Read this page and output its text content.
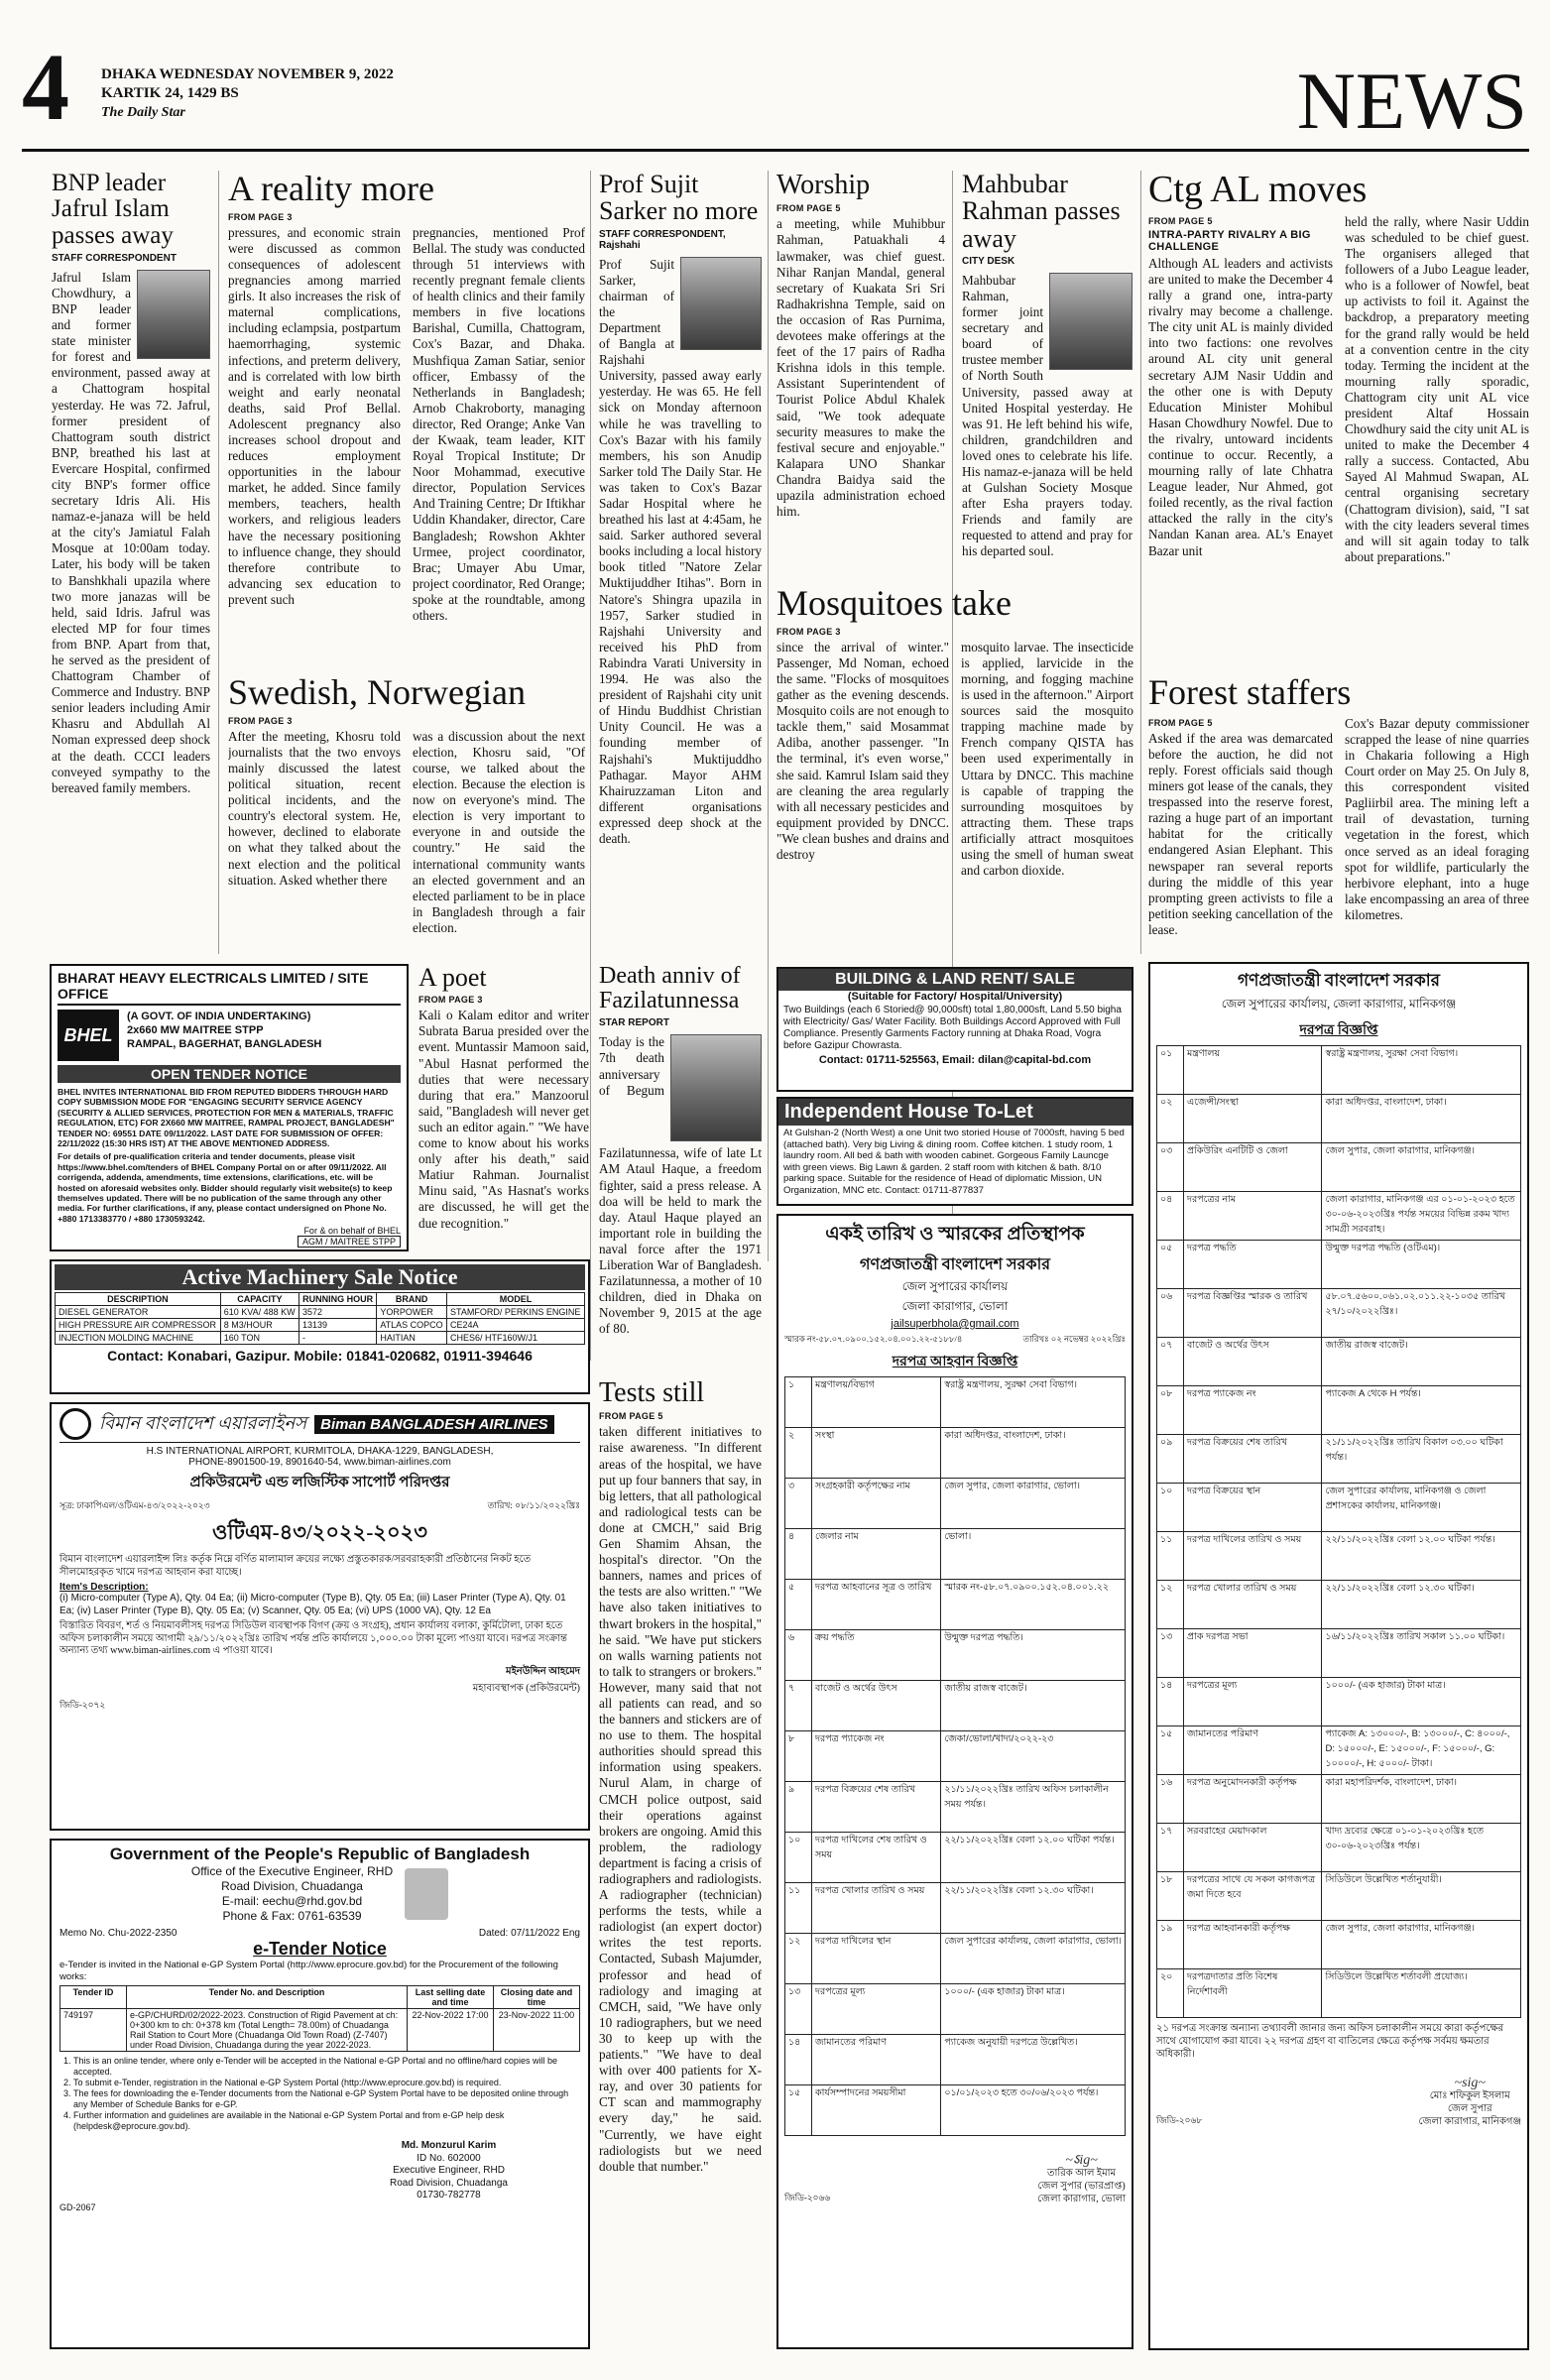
4	DHAKA WEDNESDAY NOVEMBER 9, 2022
KARTIK 24, 1429 BS
The Daily Star	NEWS
BNP leader Jafrul Islam passes away
STAFF CORRESPONDENT
Jafrul Islam Chowdhury, a BNP leader and former state minister for forest and environment, passed away at a Chattogram hospital yesterday. He was 72. Jafrul, former president of Chattogram south district BNP, breathed his last at Evercare Hospital, confirmed city BNP's former office secretary Idris Ali. His namaz-e-janaza will be held at the city's Jamiatul Falah Mosque at 10:00am today. Later, his body will be taken to Banshkhali upazila where two more janazas will be held, said Idris. Jafrul was elected MP for four times from BNP. Apart from that, he served as the president of Chattogram Chamber of Commerce and Industry. BNP senior leaders including Amir Khasru and Abdullah Al Noman expressed deep shock at the death. CCCI leaders conveyed sympathy to the bereaved family members.
A reality more
FROM PAGE 3
pressures, and economic strain were discussed as common consequences of adolescent pregnancies among married girls. It also increases the risk of maternal complications, including eclampsia, postpartum haemorrhaging, systemic infections, and preterm delivery, and is correlated with low birth weight and early neonatal deaths, said Prof Bellal. Adolescent pregnancy also increases school dropout and reduces employment opportunities in the labour market, he added. Since family members, teachers, health workers, and religious leaders have the necessary positioning to influence change, they should therefore contribute to advancing sex education to prevent such
pregnancies, mentioned Prof Bellal. The study was conducted through 51 interviews with recently pregnant female clients of health clinics and their family members in five locations Barishal, Cumilla, Chattogram, Cox's Bazar, and Dhaka. Mushfiqua Zaman Satiar, senior officer, Embassy of the Netherlands in Bangladesh; Arnob Chakroborty, managing director, Red Orange; Anke Van der Kwaak, team leader, KIT Royal Tropical Institute; Dr Noor Mohammad, executive director, Population Services And Training Centre; Dr Iftikhar Uddin Khandaker, director, Care Bangladesh; Rowshon Akhter Urmee, project coordinator, Brac; Umayer Abu Umar, project coordinator, Red Orange; spoke at the roundtable, among others.
Swedish, Norwegian
FROM PAGE 3
After the meeting, Khosru told journalists that the two envoys mainly discussed the latest political situation, recent political incidents, and the country's electoral system. He, however, declined to elaborate on what they talked about the next election and the political situation. Asked whether there
was a discussion about the next election, Khosru said, "Of course, we talked about the election. Because the election is now on everyone's mind. The election is very important to everyone in and outside the country." He said the international community wants an elected government and an elected parliament to be in place in Bangladesh through a fair election.
Prof Sujit Sarker no more
STAFF CORRESPONDENT, Rajshahi
Prof Sujit Sarker, chairman of the Department of Bangla at Rajshahi University, passed away early yesterday. He was 65. He fell sick on Monday afternoon while he was travelling to Cox's Bazar with his family members, his son Anudip Sarker told The Daily Star. He was taken to Cox's Bazar Sadar Hospital where he breathed his last at 4:45am, he said. Sarker authored several books including a local history book titled "Natore Zelar Muktijuddher Itihas". Born in Natore's Shingra upazila in 1957, Sarker studied in Rajshahi University and received his PhD from Rabindra Varati University in 1994. He was also the president of Rajshahi city unit of Hindu Buddhist Christian Unity Council. He was a founding member of Rajshahi's Muktijuddho Pathagar. Mayor AHM Khairuzzaman Liton and different organisations expressed deep shock at the death.
Worship
FROM PAGE 5
a meeting, while Muhibbur Rahman, Patuakhali 4 lawmaker, was chief guest. Nihar Ranjan Mandal, general secretary of Kuakata Sri Sri Radhakrishna Temple, said on the occasion of Ras Purnima, devotees make offerings at the feet of the 17 pairs of Radha Krishna idols in this temple. Assistant Superintendent of Tourist Police Abdul Khalek said, "We took adequate security measures to make the festival secure and enjoyable." Kalapara UNO Shankar Chandra Baidya said the upazila administration echoed him.
Mahbubar Rahman passes away
CITY DESK
Mahbubar Rahman, former joint secretary and board of trustee member of North South University, passed away at United Hospital yesterday. He was 91. He left behind his wife, children, grandchildren and loved ones to celebrate his life. His namaz-e-janaza will be held at Gulshan Society Mosque after Esha prayers today. Friends and family are requested to attend and pray for his departed soul.
Ctg AL moves
FROM PAGE 5
INTRA-PARTY RIVALRY A BIG CHALLENGE
Although AL leaders and activists are united to make the December 4 rally a grand one, intra-party rivalry may become a challenge. The city unit AL is mainly divided into two factions: one revolves around AL city unit general secretary AJM Nasir Uddin and the other one is with Deputy Education Minister Mohibul Hasan Chowdhury Nowfel. Due to the rivalry, untoward incidents continue to occur. Recently, a mourning rally of late Chhatra League leader, Nur Ahmed, got foiled recently, as the rival faction attacked the rally in the city's Nandan Kanan area. AL's Enayet Bazar unit
held the rally, where Nasir Uddin was scheduled to be chief guest. The organisers alleged that followers of a Jubo League leader, who is a follower of Nowfel, beat up activists to foil it. Against the backdrop, a preparatory meeting for the grand rally would be held at a convention centre in the city today. Terming the incident at the mourning rally sporadic, Chattogram city unit AL vice president Altaf Hossain Chowdhury said the city unit AL is united to make the December 4 rally a success. Contacted, Abu Sayed Al Mahmud Swapan, AL central organising secretary (Chattogram division), said, "I sat with the city leaders several times and will sit again today to talk about preparations."
Mosquitoes take
FROM PAGE 3
since the arrival of winter." Passenger, Md Noman, echoed the same. "Flocks of mosquitoes gather as the evening descends. Mosquito coils are not enough to tackle them," said Mosammat Adiba, another passenger. "In the terminal, it's even worse," she said. Kamrul Islam said they are cleaning the area regularly with all necessary pesticides and equipment provided by DNCC. "We clean bushes and drains and destroy
mosquito larvae. The insecticide is applied, larvicide in the morning, and fogging machine is used in the afternoon." Airport sources said the mosquito trapping machine made by French company QISTA has been used experimentally in Uttara by DNCC. This machine is capable of trapping the surrounding mosquitoes by attracting them. These traps artificially attract mosquitoes using the smell of human sweat and carbon dioxide.
Forest staffers
FROM PAGE 5
Asked if the area was demarcated before the auction, he did not reply. Forest officials said though miners got lease of the canals, they trespassed into the reserve forest, razing a huge part of an important habitat for the critically endangered Asian Elephant. This newspaper ran several reports during the middle of this year prompting green activists to file a petition seeking cancellation of the lease.
Cox's Bazar deputy commissioner scrapped the lease of nine quarries in Chakaria following a High Court order on May 25. On July 8, this correspondent visited Pagliirbil area. The mining left a trail of devastation, turning vegetation in the forest, which once served as an ideal foraging spot for wildlife, particularly the herbivore elephant, into a huge lake encompassing an area of three kilometres.
BHARAT HEAVY ELECTRICALS LIMITED / SITE OFFICE
BHEL
(A GOVT. OF INDIA UNDERTAKING)
2x660 MW MAITREE STPP
RAMPAL, BAGERHAT, BANGLADESH
OPEN TENDER NOTICE
BHEL INVITES INTERNATIONAL BID FROM REPUTED BIDDERS THROUGH HARD COPY SUBMISSION MODE FOR "ENGAGING SECURITY SERVICE AGENCY (SECURITY & ALLIED SERVICES, PROTECTION FOR MEN & MATERIALS, TRAFFIC REGULATION, ETC) FOR 2X660 MW MAITREE, RAMPAL PROJECT, BANGLADESH" TENDER NO: 69551 DATE 09/11/2022. LAST DATE FOR SUBMISSION OF OFFER: 22/11/2022 (15:30 HRS IST) AT THE ABOVE MENTIONED ADDRESS.
For details of pre-qualification criteria and tender documents, please visit https://www.bhel.com/tenders of BHEL Company Portal on or after 09/11/2022. All corrigenda, addenda, amendments, time extensions, clarifications, etc. will be hosted on aforesaid websites only. Bidder should regularly visit website(s) to keep themselves updated. There will be no publication of the same through any other media. For further clarifications, if any, please contact undersigned on Phone No. +880 1713383770 / +880 1730593242.
For & on behalf of BHEL
AGM / MAITREE STPP
Active Machinery Sale Notice
DESCRIPTION	CAPACITY	RUNNING HOUR	BRAND	MODEL
DIESEL GENERATOR	610 KVA/ 488 KW	3572	YORPOWER	STAMFORD/ PERKINS ENGINE
HIGH PRESSURE AIR COMPRESSOR	8 M3/HOUR	13139	ATLAS COPCO	CE24A
INJECTION MOLDING MACHINE	160 TON	-	HAITIAN	CHES6/ HTF160W/J1
Contact: Konabari, Gazipur. Mobile: 01841-020682, 01911-394646
A poet
FROM PAGE 3
Kali o Kalam editor and writer Subrata Barua presided over the event. Muntassir Mamoon said, "Abul Hasnat performed the duties that were necessary during that era." Manzoorul said, "Bangladesh will never get such an editor again." "We have come to know about his works only after his death," said Matiur Rahman. Journalist Minu said, "As Hasnat's works are discussed, he will get the due recognition."
Death anniv of Fazilatunnessa
STAR REPORT
Today is the 7th death anniversary of Begum Fazilatunnessa, wife of late Lt AM Ataul Haque, a freedom fighter, said a press release. A doa will be held to mark the day. Ataul Haque played an important role in building the naval force after the 1971 Liberation War of Bangladesh. Fazilatunnessa, a mother of 10 children, died in Dhaka on November 9, 2015 at the age of 80.
Tests still
FROM PAGE 5
taken different initiatives to raise awareness. "In different areas of the hospital, we have put up four banners that say, in big letters, that all pathological and radiological tests can be done at CMCH," said Brig Gen Shamim Ahsan, the hospital's director. "On the banners, names and prices of the tests are also written." "We have also taken initiatives to thwart brokers in the hospital," he said. "We have put stickers on walls warning patients not to talk to strangers or brokers." However, many said that not all patients can read, and so the banners and stickers are of no use to them. The hospital authorities should spread this information using speakers. Nurul Alam, in charge of CMCH police outpost, said their operations against brokers are ongoing. Amid this problem, the radiology department is facing a crisis of radiographers and radiologists. A radiographer (technician) performs the tests, while a radiologist (an expert doctor) writes the test reports. Contacted, Subash Majumder, professor and head of radiology and imaging at CMCH, said, "We have only 10 radiographers, but we need 30 to keep up with the patients." "We have to deal with over 400 patients for X-ray, and over 30 patients for CT scan and mammography every day," he said. "Currently, we have eight radiologists but we need double that number."
BUILDING & LAND RENT/ SALE
(Suitable for Factory/ Hospital/University)
Two Buildings (each 6 Storied@ 90,000sft) total 1,80,000sft, Land 5.50 bigha with Electricity/ Gas/ Water Facility. Both Buildings Accord Approved with Full Compliance. Presently Garments Factory running at Dhaka Road, Vogra before Gazipur Chowrasta.
Contact: 01711-525563, Email: dilan@capital-bd.com
Independent House To-Let
At Gulshan-2 (North West) a one Unit two storied House of 7000sft, having 5 bed (attached bath). Very big Living & dining room. Coffee kitchen. 1 study room, 1 laundry room. All bed & bath with wooden cabinet. Gorgeous Family Launcge with green views. Big Lawn & garden. 2 staff room with kitchen & bath. 8/10 parking space. Suitable for the residence of Head of diplomatic Mission, UN Organization, MNC etc. Contact: 01711-877837
বিমান বাংলাদেশ এয়ারলাইনস Biman BANGLADESH AIRLINES
H.S INTERNATIONAL AIRPORT, KURMITOLA, DHAKA-1229, BANGLADESH,
PHONE-8901500-19, 8901640-54, www.biman-airlines.com
প্রকিউরমেন্ট এন্ড লজিস্টিক সাপোর্ট পরিদপ্তর
সূত্র: ঢাকাপিএল/ওটিএম-৪৩/২০২২-২০২৩	তারিখ: ০৮/১১/২০২২খ্রিঃ
ওটিএম-৪৩/২০২২-২০২৩
বিমান বাংলাদেশ এয়ারলাইন্স লিঃ কর্তৃক নিম্নে বর্ণিত মালামাল ক্রয়ের লক্ষ্যে প্রস্তুতকারক/সরবরাহকারী প্রতিষ্ঠানের নিকট হতে সীলমোহরকৃত খামে দরপত্র আহবান করা যাচ্ছে।
Item's Description:
(i) Micro-computer (Type A), Qty. 04 Ea; (ii) Micro-computer (Type B), Qty. 05 Ea; (iii) Laser Printer (Type A), Qty. 01 Ea; (iv) Laser Printer (Type B), Qty. 05 Ea; (v) Scanner, Qty. 05 Ea; (vi) UPS (1000 VA), Qty. 12 Ea
বিস্তারিত বিবরণ, শর্ত ও নিয়মাবলীসহ দরপত্র সিডিউল ব্যবস্থাপক বিগণ (ক্রয় ও সংগ্রহ), প্রধান কার্যালয় বলাকা, কুর্মিটোলা, ঢাকা হতে অফিস চলাকালীন সময়ে আগামী ২৯/১১/২০২২খ্রিঃ তারিখ পর্যন্ত প্রতি কার্যালয়ে ১,০০০.০০ টাকা মূল্যে পাওয়া যাবে। দরপত্র সংক্রান্ত অন্যান্য তথ্য www.biman-airlines.com এ পাওয়া যাবে।
মইনউদ্দিন আহমেদ
মহাব্যবস্থাপক (প্রকিউরমেন্ট)
জিডি-২০৭২
Government of the People's Republic of Bangladesh
Office of the Executive Engineer, RHD
Road Division, Chuadanga
E-mail: eechu@rhd.gov.bd
Phone & Fax: 0761-63539
Memo No. Chu-2022-2350	Dated: 07/11/2022 Eng
e-Tender Notice
e-Tender is invited in the National e-GP System Portal (http://www.eprocure.gov.bd) for the Procurement of the following works:
Tender ID	Tender No. and Description	Last selling date and time	Closing date and time
749197	e-GP/CHURD/02/2022-2023. Construction of Rigid Pavement at ch: 0+300 km to ch: 0+378 km (Total Length= 78.00m) of Chuadanga Rail Station to Court More (Chuadanga Old Town Road) (Z-7407) under Road Division, Chuadanga during the year 2022-2023.	22-Nov-2022 17:00	23-Nov-2022 11:00
1. This is an online tender, where only e-Tender will be accepted in the National e-GP Portal and no offline/hard copies will be accepted.
2. To submit e-Tender, registration in the National e-GP System Portal (http://www.eprocure.gov.bd) is required.
3. The fees for downloading the e-Tender documents from the National e-GP System Portal have to be deposited online through any Member of Schedule Banks for e-GP.
4. Further information and guidelines are available in the National e-GP System Portal and from e-GP help desk (helpdesk@eprocure.gov.bd).
Md. Monzurul Karim
ID No. 602000
Executive Engineer, RHD
Road Division, Chuadanga
01730-782778
GD-2067
একই তারিখ ও স্মারকের প্রতিস্থাপক
গণপ্রজাতন্ত্রী বাংলাদেশ সরকার
জেল সুপারের কার্যালয়
জেলা কারাগার, ভোলা
jailsuperbhola@gmail.com
স্মারক নং-৫৮.০৭.০৯০০.১৫২.০৪.০০১.২২-৫১৮৮/৪	তারিখঃ ০২ নভেম্বর ২০২২খ্রিঃ
দরপত্র আহবান বিজ্ঞপ্তি
১	মন্ত্রণালয়/বিভাগ	স্বরাষ্ট্র মন্ত্রণালয়, সুরক্ষা সেবা বিভাগ।
২	সংস্থা	কারা অধিদপ্তর, বাংলাদেশ, ঢাকা।
৩	সংগ্রহকারী কর্তৃপক্ষের নাম	জেল সুপার, জেলা কারাগার, ভোলা।
৪	জেলার নাম	ভোলা।
৫	দরপত্র আহবানের সূত্র ও তারিখ	স্মারক নং-৫৮.০৭.০৯০০.১৫২.০৪.০০১.২২
৬	ক্রয় পদ্ধতি	উন্মুক্ত দরপত্র পদ্ধতি।
৭	বাজেট ও অর্থের উৎস	জাতীয় রাজস্ব বাজেট।
৮	দরপত্র প্যাকেজ নং	জেকা/ভোলা/খাদ্য/২০২২-২৩
৯	দরপত্র বিক্রয়ের শেষ তারিখ	২১/১১/২০২২খ্রিঃ তারিখ অফিস চলাকালীন সময় পর্যন্ত।
১০	দরপত্র দাখিলের শেষ তারিখ ও সময়	২২/১১/২০২২খ্রিঃ বেলা ১২.০০ ঘটিকা পর্যন্ত।
১১	দরপত্র খোলার তারিখ ও সময়	২২/১১/২০২২খ্রিঃ বেলা ১২.৩০ ঘটিকা।
১২	দরপত্র দাখিলের স্থান	জেল সুপারের কার্যালয়, জেলা কারাগার, ভোলা।
১৩	দরপত্রের মূল্য	১০০০/- (এক হাজার) টাকা মাত্র।
১৪	জামানতের পরিমাণ	প্যাকেজ অনুযায়ী দরপত্রে উল্লেখিত।
১৫	কার্যসম্পাদনের সময়সীমা	০১/০১/২০২৩ হতে ৩০/০৬/২০২৩ পর্যন্ত।
জিডি-২০৬৬
~ऽig~
তারিক আল ইমাম
জেল সুপার (ভারপ্রাপ্ত)
জেলা কারাগার, ভোলা
গণপ্রজাতন্ত্রী বাংলাদেশ সরকার
জেল সুপারের কার্যালয়, জেলা কারাগার, মানিকগঞ্জ
দরপত্র বিজ্ঞপ্তি
০১	মন্ত্রণালয়	স্বরাষ্ট্র মন্ত্রণালয়, সুরক্ষা সেবা বিভাগ।
০২	এজেন্সী/সংস্থা	কারা অধিদপ্তর, বাংলাদেশ, ঢাকা।
০৩	প্রকিউরিং এনটিটি ও জেলা	জেল সুপার, জেলা কারাগার, মানিকগঞ্জ।
০৪	দরপত্রের নাম	জেলা কারাগার, মানিকগঞ্জ এর ০১-০১-২০২৩ হতে ৩০-০৬-২০২৩খ্রিঃ পর্যন্ত সময়ের বিভিন্ন রকম খাদ্য সামগ্রী সরবরাহ।
০৫	দরপত্র পদ্ধতি	উন্মুক্ত দরপত্র পদ্ধতি (ওটিএম)।
০৬	দরপত্র বিজ্ঞপ্তির স্মারক ও তারিখ	৫৮.০৭.৫৬০০.০৬১.০২.০১১.২২-১০৩৫ তারিখ ২৭/১০/২০২২খ্রিঃ।
০৭	বাজেট ও অর্থের উৎস	জাতীয় রাজস্ব বাজেট।
০৮	দরপত্র প্যাকেজ নং	প্যাকেজ A থেকে H পর্যন্ত।
০৯	দরপত্র বিক্রয়ের শেষ তারিখ	২১/১১/২০২২খ্রিঃ তারিখ বিকাল ০৩.০০ ঘটিকা পর্যন্ত।
১০	দরপত্র বিক্রয়ের স্থান	জেল সুপারের কার্যালয়, মানিকগঞ্জ ও জেলা প্রশাসকের কার্যালয়, মানিকগঞ্জ।
১১	দরপত্র দাখিলের তারিখ ও সময়	২২/১১/২০২২খ্রিঃ বেলা ১২.০০ ঘটিকা পর্যন্ত।
১২	দরপত্র খোলার তারিখ ও সময়	২২/১১/২০২২খ্রিঃ বেলা ১২.৩০ ঘটিকা।
১৩	প্রাক দরপত্র সভা	১৬/১১/২০২২খ্রিঃ তারিখ সকাল ১১.০০ ঘটিকা।
১৪	দরপত্রের মূল্য	১০০০/- (এক হাজার) টাকা মাত্র।
১৫	জামানতের পরিমাণ	প্যাকেজ A: ১৩০০০/-, B: ১৩০০০/-, C: ৪০০০/-, D: ১৫০০০/-, E: ১৫০০০/-, F: ১৫০০০/-, G: ১০০০০/-, H: ৫০০০/- টাকা।
১৬	দরপত্র অনুমোদনকারী কর্তৃপক্ষ	কারা মহাপরিদর্শক, বাংলাদেশ, ঢাকা।
১৭	সরবরাহের মেয়াদকাল	খাদ্য দ্রব্যের ক্ষেত্রে ০১-০১-২০২৩খ্রিঃ হতে ৩০-০৬-২০২৩খ্রিঃ পর্যন্ত।
১৮	দরপত্রের সাথে যে সকল কাগজপত্র জমা দিতে হবে	সিডিউলে উল্লেখিত শর্তানুযায়ী।
১৯	দরপত্র আহবানকারী কর্তৃপক্ষ	জেল সুপার, জেলা কারাগার, মানিকগঞ্জ।
২০	দরপত্রদাতার প্রতি বিশেষ নির্দেশাবলী	সিডিউলে উল্লেখিত শর্তাবলী প্রযোজ্য।
২১ দরপত্র সংক্রান্ত অন্যান্য তথ্যাবলী জানার জন্য অফিস চলাকালীন সময়ে কারা কর্তৃপক্ষের সাথে যোগাযোগ করা যাবে। ২২ দরপত্র গ্রহণ বা বাতিলের ক্ষেত্রে কর্তৃপক্ষ সর্বময় ক্ষমতার অধিকারী।
জিডি-২০৬৮
~sig~
মোঃ শফিকুল ইসলাম
জেল সুপার
জেলা কারাগার, মানিকগঞ্জ
